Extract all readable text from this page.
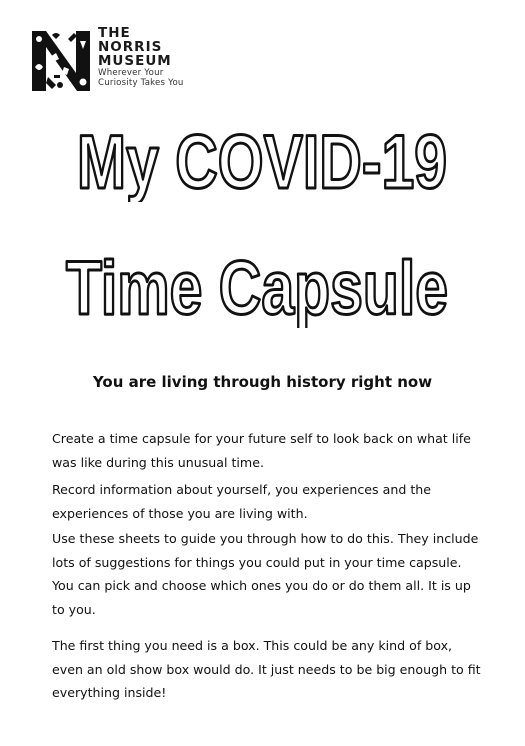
THE
NORRIS
MUSEUM
Wherever Your
Curiosity Takes You
My COVID-19
Time Capsule
You are living through history right now
Create a time capsule for your future self to look back on what life was like during this unusual time.
Record information about yourself, you experiences and the experiences of those you are living with.
Use these sheets to guide you through how to do this. They include lots of suggestions for things you could put in your time capsule. You can pick and choose which ones you do or do them all. It is up to you.
The first thing you need is a box. This could be any kind of box, even an old show box would do. It just needs to be big enough to fit everything inside!
